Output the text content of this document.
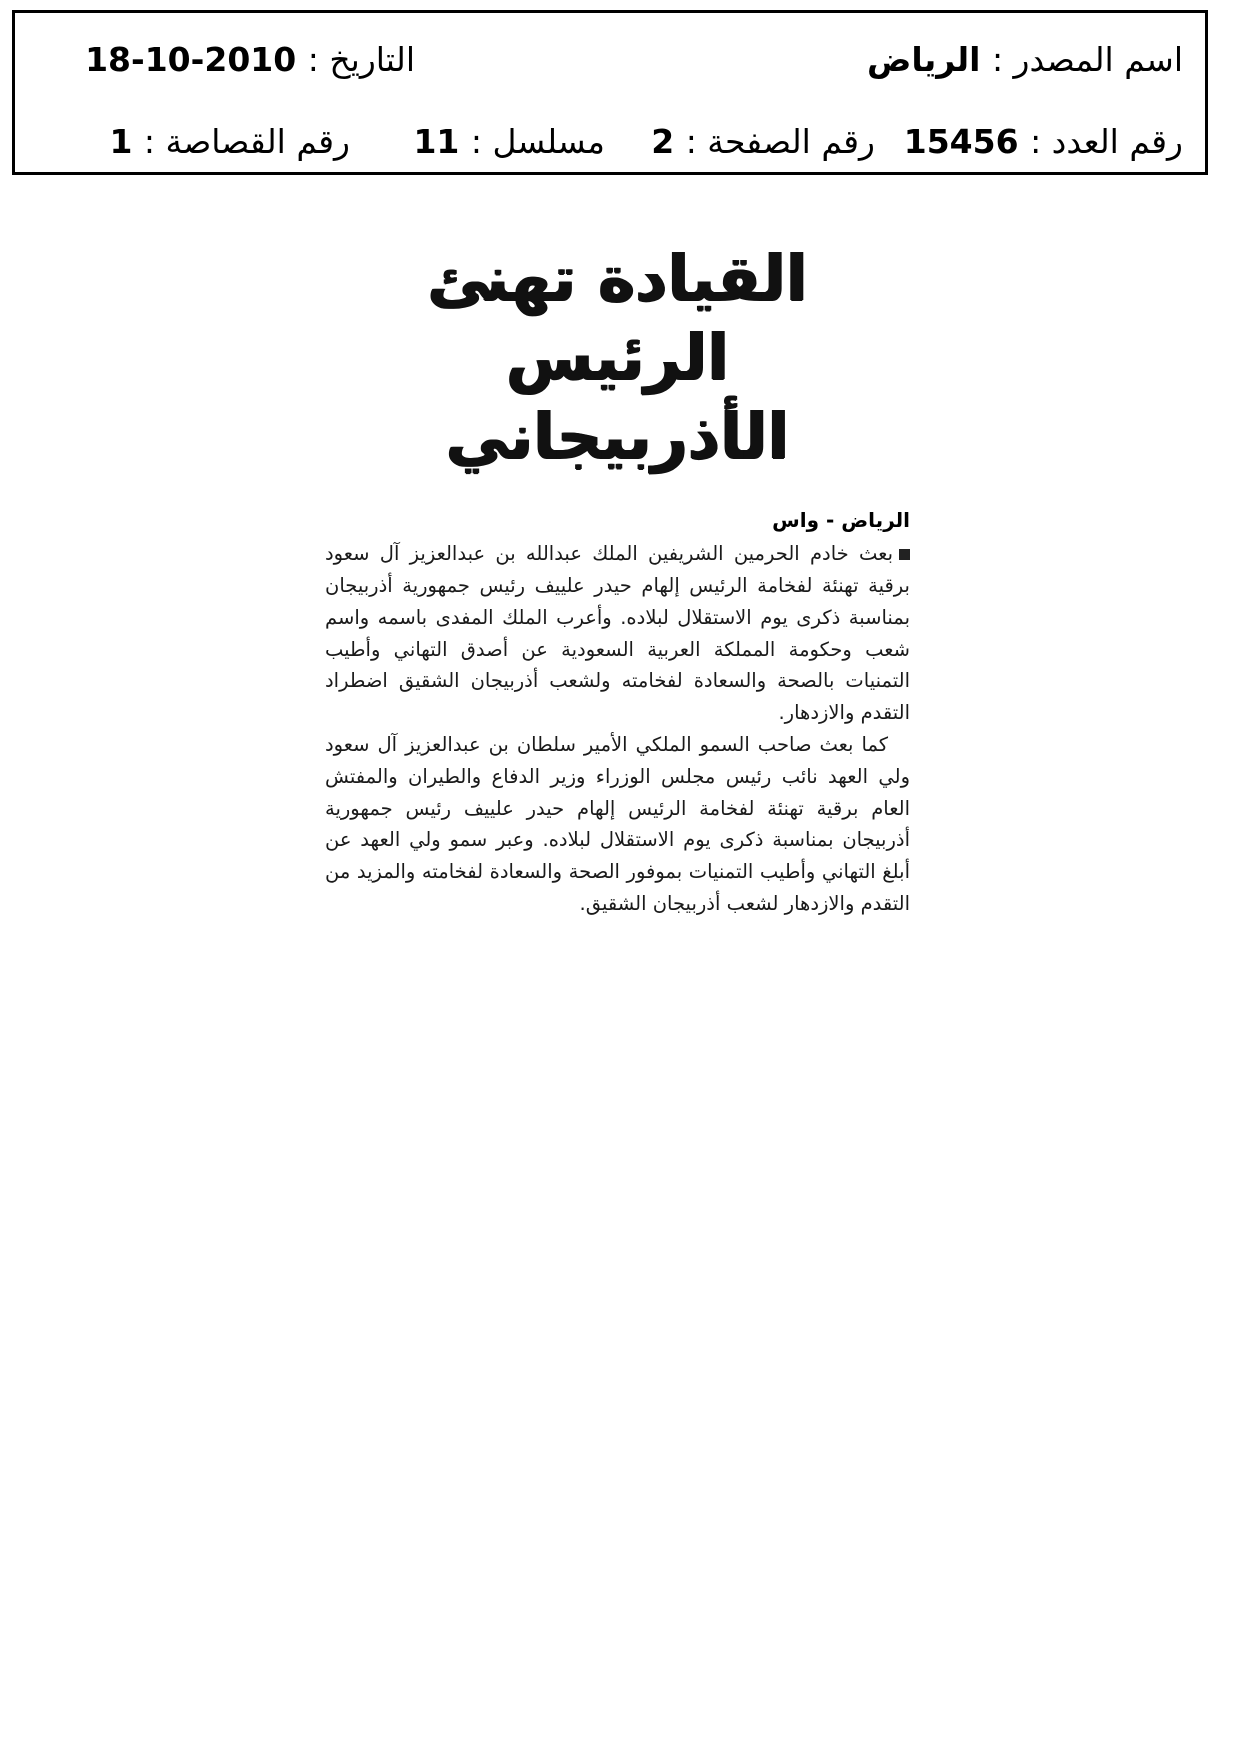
اسم المصدر : الرياض
التاريخ : 2010-10-18
رقم العدد : 15456
رقم الصفحة : 2
مسلسل : 11
رقم القصاصة : 1
القيادة تهنئ الرئيس الأذربيجاني
الرياض - واس

بعث خادم الحرمين الشريفين الملك عبدالله بن عبدالعزيز آل سعود برقية تهنئة لفخامة الرئيس إلهام حيدر علييف رئيس جمهورية أذربيجان بمناسبة ذكرى يوم الاستقلال لبلاده. وأعرب الملك المفدى باسمه واسم شعب وحكومة المملكة العربية السعودية عن أصدق التهاني وأطيب التمنيات بالصحة والسعادة لفخامته ولشعب أذربيجان الشقيق اضطراد التقدم والازدهار.

كما بعث صاحب السمو الملكي الأمير سلطان بن عبدالعزيز آل سعود ولي العهد نائب رئيس مجلس الوزراء وزير الدفاع والطيران والمفتش العام برقية تهنئة لفخامة الرئيس إلهام حيدر علييف رئيس جمهورية أذربيجان بمناسبة ذكرى يوم الاستقلال لبلاده. وعبر سمو ولي العهد عن أبلغ التهاني وأطيب التمنيات بموفور الصحة والسعادة لفخامته والمزيد من التقدم والازدهار لشعب أذربيجان الشقيق.
